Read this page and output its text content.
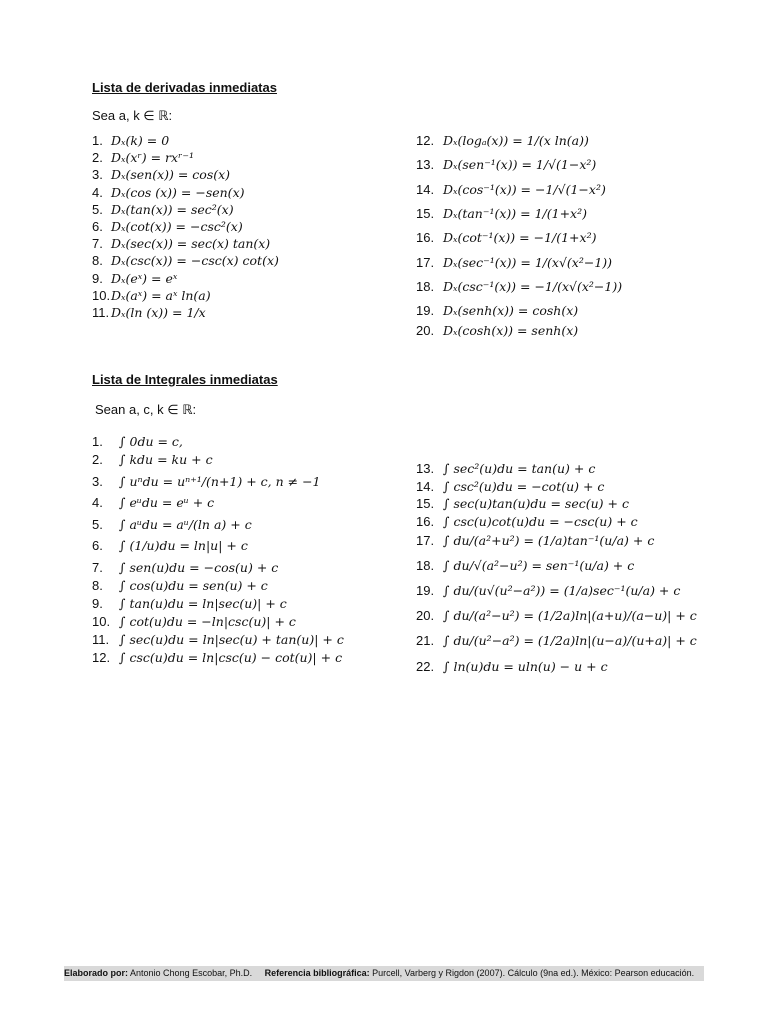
Lista de derivadas inmediatas
Sea a, k ∈ ℝ:
1. Dₓ(k) = 0
2. Dₓ(xʳ) = rxʳ⁻¹
3. Dₓ(sen(x)) = cos(x)
4. Dₓ(cos (x)) = −sen(x)
5. Dₓ(tan(x)) = sec²(x)
6. Dₓ(cot(x)) = −csc²(x)
7. Dₓ(sec(x)) = sec(x) tan(x)
8. Dₓ(csc(x)) = −csc(x) cot(x)
9. Dₓ(eˣ) = eˣ
10.Dₓ(aˣ) = aˣ ln(a)
11. Dₓ(ln (x)) = 1/x
12. Dₓ(logₐ(x)) = 1/(x ln(a))
13. Dₓ(sen⁻¹(x)) = 1/√(1−x²)
14. Dₓ(cos⁻¹(x)) = −1/√(1−x²)
15. Dₓ(tan⁻¹(x)) = 1/(1+x²)
16. Dₓ(cot⁻¹(x)) = −1/(1+x²)
17. Dₓ(sec⁻¹(x)) = 1/(x√(x²−1))
18. Dₓ(csc⁻¹(x)) = −1/(x√(x²−1))
19. Dₓ(senh(x)) = cosh(x)
20. Dₓ(cosh(x)) = senh(x)
Lista de Integrales inmediatas
Sean a, c, k ∈ ℝ:
1. ∫ 0du = c,
2. ∫ kdu = ku + c
3. ∫ uⁿdu = uⁿ⁺¹/(n+1) + c, n ≠ −1
4. ∫ eᵘdu = eᵘ + c
5. ∫ aᵘdu = aᵘ/(ln a) + c
6. ∫ (1/u)du = ln|u| + c
7. ∫ sen(u)du = −cos(u) + c
8. ∫ cos(u)du = sen(u) + c
9. ∫ tan(u)du = ln|sec(u)| + c
10. ∫ cot(u)du = −ln|csc(u)| + c
11. ∫ sec(u)du = ln|sec(u) + tan(u)| + c
12. ∫ csc(u)du = ln|csc(u) − cot(u)| + c
13. ∫ sec²(u)du = tan(u) + c
14. ∫ csc²(u)du = −cot(u) + c
15. ∫ sec(u)tan(u)du = sec(u) + c
16. ∫ csc(u)cot(u)du = −csc(u) + c
17. ∫ du/(a²+u²) = (1/a)tan⁻¹(u/a) + c
18. ∫ du/√(a²−u²) = sen⁻¹(u/a) + c
19. ∫ du/(u√(u²−a²)) = (1/a)sec⁻¹(u/a) + c
20. ∫ du/(a²−u²) = (1/2a)ln|(a+u)/(a−u)| + c
21. ∫ du/(u²−a²) = (1/2a)ln|(u−a)/(u+a)| + c
22. ∫ ln(u)du = uln(u) − u + c
Elaborado por: Antonio Chong Escobar, Ph.D. Referencia bibliográfica: Purcell, Varberg y Rigdon (2007). Cálculo (9na ed.). México: Pearson educación.
